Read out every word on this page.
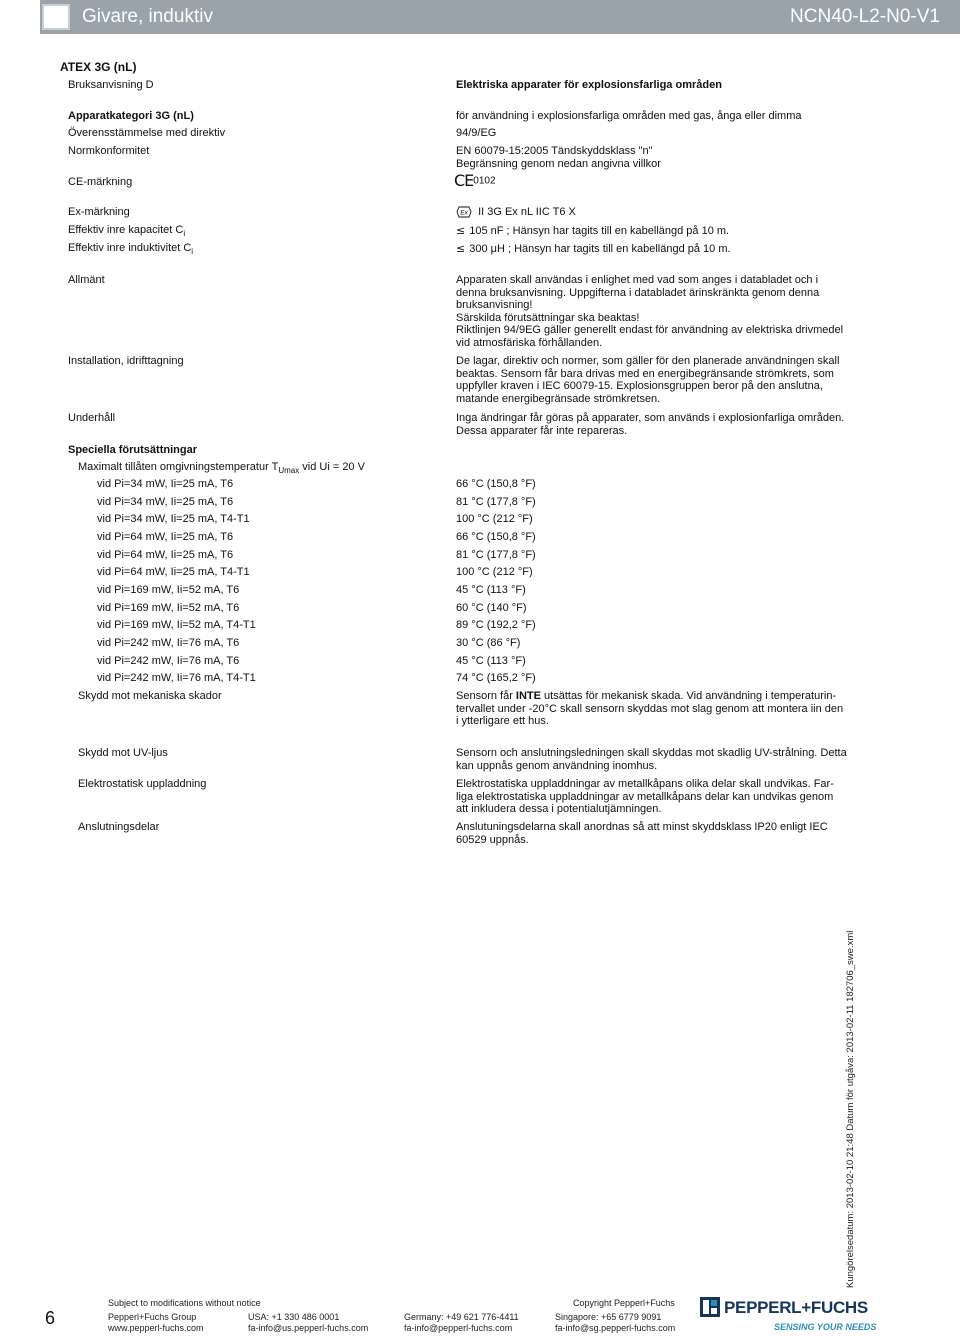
Givare, induktiv	NCN40-L2-N0-V1
ATEX 3G (nL)
Bruksanvisning D	Elektriska apparater för explosionsfarliga områden
Apparatkategori 3G (nL)	för användning i explosionsfarliga områden med gas, ånga eller dimma
Överensstämmelse med direktiv	94/9/EG
Normkonformitet	EN 60079-15:2005 Tändskyddsklass "n"
Begränsning genom nedan angivna villkor
CE-märkning	CE0102
Ex-märkning	Ex II 3G Ex nL IIC T6 X
Effektiv inre kapacitet $C_i$	≤ 105 nF ; Hänsyn har tagits till en kabellängd på 10 m.
Effektiv inre induktivitet $C_i$	≤ 300 μH ; Hänsyn har tagits till en kabellängd på 10 m.
Allmänt	Apparaten skall användas i enlighet med vad som anges i databladet och i
denna bruksanvisning. Uppgifterna i databladet ärinskränkta genom denna
bruksanvisning!
Särskilda förutsättningar ska beaktas!
Riktlinjen 94/9EG gäller generellt endast för användning av elektriska drivmedel
vid atmosfäriska förhållanden.
Installation, idrifttagning	De lagar, direktiv och normer, som gäller för den planerade användningen skall
beaktas. Sensorn får bara drivas med en energibegränsande strömkrets, som
uppfyller kraven i IEC 60079-15. Explosionsgruppen beror på den anslutna,
matande energibegränsade strömkretsen.
Underhåll	Inga ändringar får göras på apparater, som används i explosionfarliga områden.
Dessa apparater får inte repareras.
Speciella förutsättningar
Maximalt tillåten omgivningstemperatur $T_{Umax}$ vid Ui = 20 V
vid Pi=34 mW, Ii=25 mA, T6	66 °C (150,8 °F)
vid Pi=34 mW, Ii=25 mA, T6	81 °C (177,8 °F)
vid Pi=34 mW, Ii=25 mA, T4-T1	100 °C (212 °F)
vid Pi=64 mW, Ii=25 mA, T6	66 °C (150,8 °F)
vid Pi=64 mW, Ii=25 mA, T6	81 °C (177,8 °F)
vid Pi=64 mW, Ii=25 mA, T4-T1	100 °C (212 °F)
vid Pi=169 mW, Ii=52 mA, T6	45 °C (113 °F)
vid Pi=169 mW, Ii=52 mA, T6	60 °C (140 °F)
vid Pi=169 mW, Ii=52 mA, T4-T1	89 °C (192,2 °F)
vid Pi=242 mW, Ii=76 mA, T6	30 °C (86 °F)
vid Pi=242 mW, Ii=76 mA, T6	45 °C (113 °F)
vid Pi=242 mW, Ii=76 mA, T4-T1	74 °C (165,2 °F)
Skydd mot mekaniska skador	Sensorn får INTE utsättas för mekanisk skada. Vid användning i temperaturin-
tervallet under -20°C skall sensorn skyddas mot slag genom att montera iin den
i ytterligare ett hus.
Skydd mot UV-ljus	Sensorn och anslutningsledningen skall skyddas mot skadlig UV-strålning. Detta
kan uppnås genom användning inomhus.
Elektrostatisk uppladdning	Elektrostatiska uppladdningar av metallkåpans olika delar skall undvikas. Far-
liga elektrostatiska uppladdningar av metallkåpans delar kan undvikas genom
att inkludera dessa i potentialutjämningen.
Anslutningsdelar	Anslutuningsdelarna skall anordnas så att minst skyddsklass IP20 enligt IEC
60529 uppnås.
Kungörelsedatum: 2013-02-10 21:48 Datum för utgåva: 2013-02-11 182706_swe.xml
6
Subject to modifications without notice	Copyright Pepperl+Fuchs
Pepperl+Fuchs Group
www.pepperl-fuchs.com
USA: +1 330 486 0001
fa-info@us.pepperl-fuchs.com
Germany: +49 621 776-4411
fa-info@pepperl-fuchs.com
Singapore: +65 6779 9091
fa-info@sg.pepperl-fuchs.com
PEPPERL+FUCHS
SENSING YOUR NEEDS
